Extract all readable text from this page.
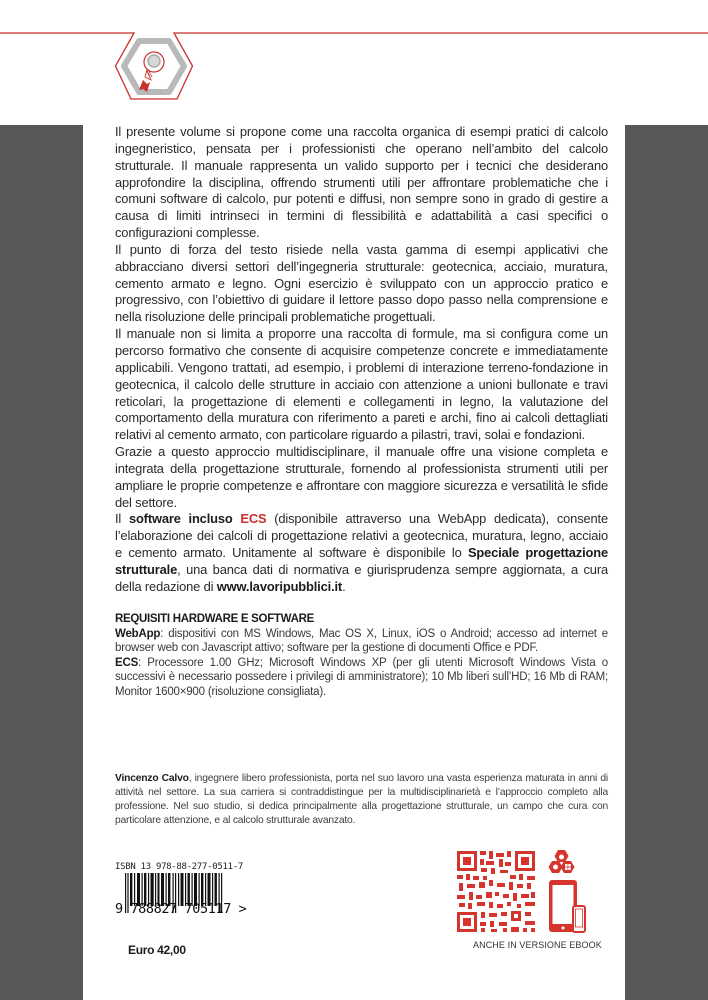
Il presente volume si propone come una raccolta organica di esempi pratici di calcolo ingegneristico, pensata per i professionisti che operano nell’ambito del calcolo strutturale. Il manuale rappresenta un valido supporto per i tecnici che desiderano approfondire la disciplina, offrendo strumenti utili per affrontare problematiche che i comuni software di calcolo, pur potenti e diffusi, non sempre sono in grado di gestire a causa di limiti intrinseci in termini di flessibilità e adattabilità a casi specifici o configurazioni complesse.

Il punto di forza del testo risiede nella vasta gamma di esempi applicativi che abbracciano diversi settori dell’ingegneria strutturale: geotecnica, acciaio, muratura, cemento armato e legno. Ogni esercizio è sviluppato con un approccio pratico e progressivo, con l’obiettivo di guidare il lettore passo dopo passo nella comprensione e nella risoluzione delle principali problematiche progettuali.

Il manuale non si limita a proporre una raccolta di formule, ma si configura come un percorso formativo che consente di acquisire competenze concrete e immediatamente applicabili. Vengono trattati, ad esempio, i problemi di interazione terreno-fondazione in geotecnica, il calcolo delle strutture in acciaio con attenzione a unioni bullonate e travi reticolari, la progettazione di elementi e collegamenti in legno, la valutazione del comportamento della muratura con riferimento a pareti e archi, fino ai calcoli dettagliati relativi al cemento armato, con particolare riguardo a pilastri, travi, solai e fondazioni.

Grazie a questo approccio multidisciplinare, il manuale offre una visione completa e integrata della progettazione strutturale, fornendo al professionista strumenti utili per ampliare le proprie competenze e affrontare con maggiore sicurezza e versatilità le sfide del settore.

Il software incluso ECS (disponibile attraverso una WebApp dedicata), consente l’elaborazione dei calcoli di progettazione relativi a geotecnica, muratura, legno, acciaio e cemento armato. Unitamente al software è disponibile lo Speciale progettazione strutturale, una banca dati di normativa e giurisprudenza sempre aggiornata, a cura della redazione di www.lavoripubblici.it.

REQUISITI HARDWARE E SOFTWARE

WebApp: dispositivi con MS Windows, Mac OS X, Linux, iOS o Android; accesso ad internet e browser web con Javascript attivo; software per la gestione di documenti Office e PDF.

ECS: Processore 1.00 GHz; Microsoft Windows XP (per gli utenti Microsoft Windows Vista o successivi è necessario possedere i privilegi di amministratore); 10 Mb liberi sull’HD; 16 Mb di RAM; Monitor 1600×900 (risoluzione consigliata).

Vincenzo Calvo, ingegnere libero professionista, porta nel suo lavoro una vasta esperienza maturata in anni di attività nel settore. La sua carriera si contraddistingue per la multidisciplinarietà e l’approccio completo alla professione. Nel suo studio, si dedica principalmente alla progettazione strutturale, un campo che cura con particolare attenzione, e al calcolo strutturale avanzato.
ISBN 13 978-88-277-0511-7
9 788827 705117 >
Euro 42,00	ANCHE IN VERSIONE EBOOK
